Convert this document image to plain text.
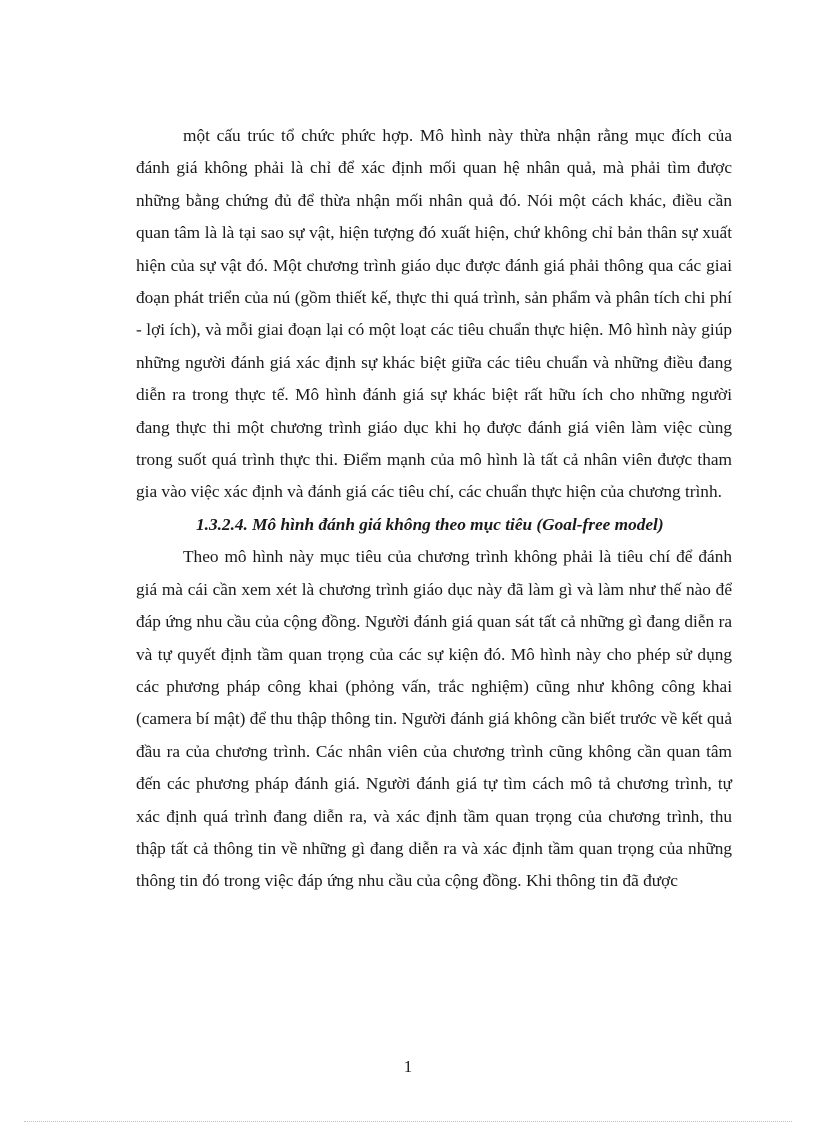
một cấu trúc tổ chức phức hợp. Mô hình này thừa nhận rằng mục đích của đánh giá không phải là chỉ để xác định mối quan hệ nhân quả, mà phải tìm được những bằng chứng đủ để thừa nhận mối nhân quả đó. Nói một cách khác, điều cần quan tâm là là tại sao sự vật, hiện tượng đó xuất hiện, chứ không chỉ bản thân sự xuất hiện của sự vật đó. Một chương trình giáo dục được đánh giá phải thông qua các giai đoạn phát triển của nú (gồm thiết kế, thực thi quá trình, sản phẩm và phân tích chi phí - lợi ích), và mỗi giai đoạn lại có một loạt các tiêu chuẩn thực hiện. Mô hình này giúp những người đánh giá xác định sự khác biệt giữa các tiêu chuẩn và những điều đang diễn ra trong thực tế. Mô hình đánh giá sự khác biệt rất hữu ích cho những người đang thực thi một chương trình giáo dục khi họ được đánh giá viên làm việc cùng trong suốt quá trình thực thi. Điểm mạnh của mô hình là tất cả nhân viên được tham gia vào việc xác định và đánh giá các tiêu chí, các chuẩn thực hiện của chương trình.

1.3.2.4. Mô hình đánh giá không theo mục tiêu (Goal-free model)

Theo mô hình này mục tiêu của chương trình không phải là tiêu chí để đánh giá mà cái cần xem xét là chương trình giáo dục này đã làm gì và làm như thế nào để đáp ứng nhu cầu của cộng đồng. Người đánh giá quan sát tất cả những gì đang diễn ra và tự quyết định tầm quan trọng của các sự kiện đó. Mô hình này cho phép sử dụng các phương pháp công khai (phỏng vấn, trắc nghiệm) cũng như không công khai (camera bí mật) để thu thập thông tin. Người đánh giá không cần biết trước về kết quả đầu ra của chương trình. Các nhân viên của chương trình cũng không cần quan tâm đến các phương pháp đánh giá. Người đánh giá tự tìm cách mô tả chương trình, tự xác định quá trình đang diễn ra, và xác định tầm quan trọng của chương trình, thu thập tất cả thông tin về những gì đang diễn ra và xác định tầm quan trọng của những thông tin đó trong việc đáp ứng nhu cầu của cộng đồng. Khi thông tin đã được

1
